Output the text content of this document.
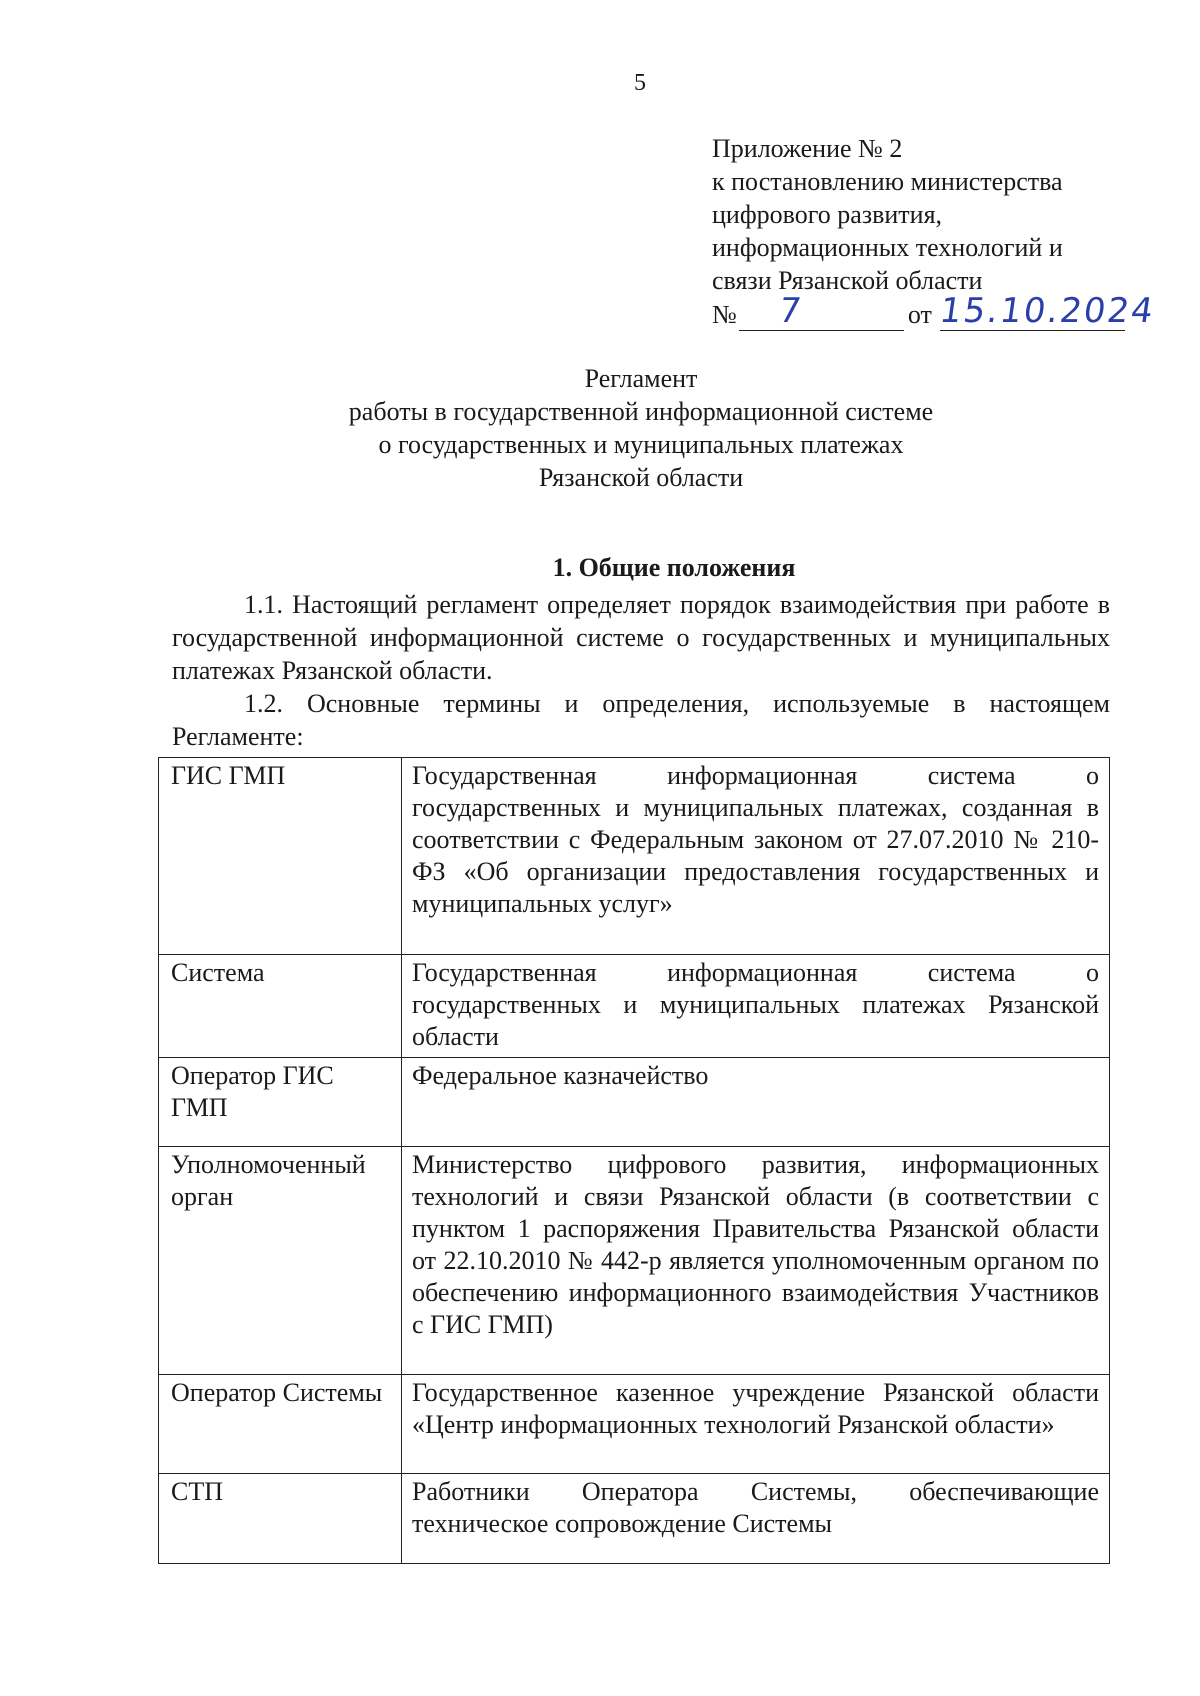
5
Приложение № 2
к постановлению министерства
цифрового развития,
информационных технологий и
связи Рязанской области
№ 7	от 15.10.2024
Регламент
работы в государственной информационной системе
о государственных и муниципальных платежах
Рязанской области
1. Общие положения

1.1. Настоящий регламент определяет порядок взаимодействия при работе в государственной информационной системе о государственных и муниципальных платежах Рязанской области.

1.2. Основные термины и определения, используемые в настоящем Регламенте:

ГИС ГМП	Государственная информационная система о государственных и муниципальных платежах, созданная в соответствии с Федеральным законом от 27.07.2010 № 210-ФЗ «Об организации предоставления государственных и муниципальных услуг»
Система	Государственная информационная система о государственных и муниципальных платежах Рязанской области
Оператор ГИС ГМП	Федеральное казначейство
Уполномоченный орган	Министерство цифрового развития, информационных технологий и связи Рязанской области (в соответствии с пунктом 1 распоряжения Правительства Рязанской области от 22.10.2010 № 442-р является уполномоченным органом по обеспечению информационного взаимодействия Участников с ГИС ГМП)
Оператор Системы	Государственное казенное учреждение Рязанской области «Центр информационных технологий Рязанской области»
СТП	Работники Оператора Системы, обеспечивающие техническое сопровождение Системы
